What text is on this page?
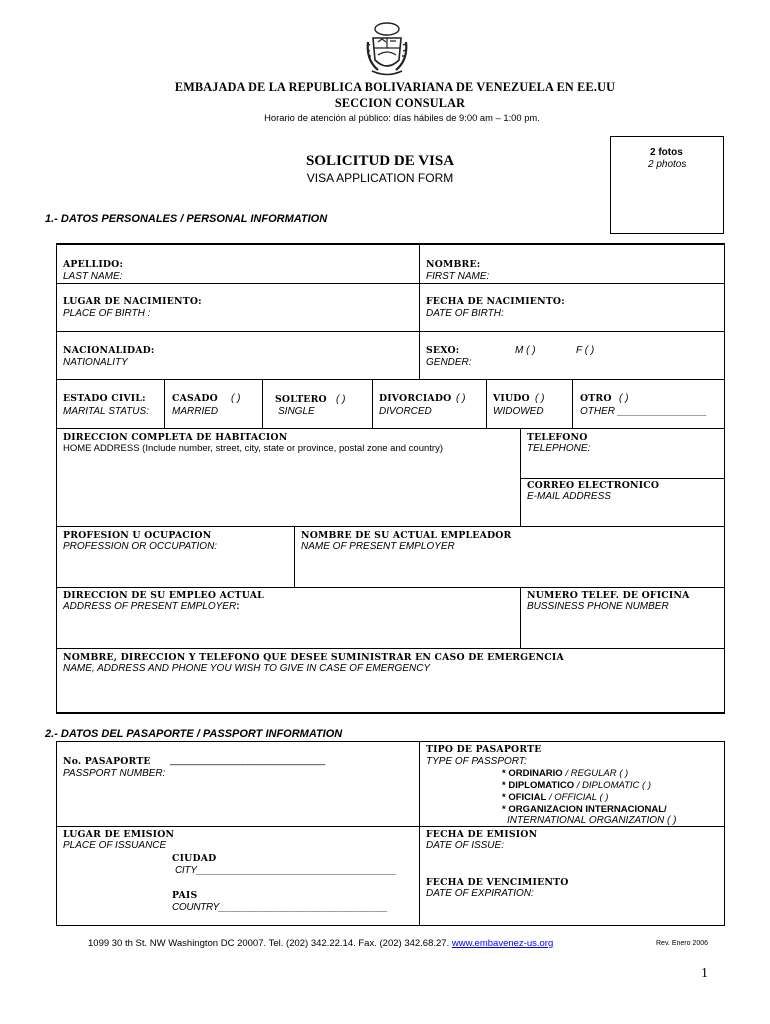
EMBAJADA DE LA REPUBLICA BOLIVARIANA DE VENEZUELA EN EE.UU
SECCION CONSULAR
Horario de atención al público: días hábiles de 9:00 am – 1:00 pm.
2 fotos
2 photos
SOLICITUD DE VISA
VISA APPLICATION FORM
1.- DATOS PERSONALES / PERSONAL INFORMATION
APELLIDO:
LAST NAME:
NOMBRE:
FIRST NAME:
LUGAR DE NACIMIENTO:
PLACE OF BIRTH :
FECHA DE NACIMIENTO:
DATE OF BIRTH:
NACIONALIDAD:
NATIONALITY
SEXO:
GENDER:
M ( )	F ( )
ESTADO CIVIL:
MARITAL STATUS:
CASADO ( )
MARRIED
SOLTERO ( )
SINGLE
DIVORCIADO ( )
DIVORCED
VIUDO ( )
WIDOWED
OTRO ( )
OTHER ________________
DIRECCION COMPLETA DE HABITACION
HOME ADDRESS (Include number, street, city, state or province, postal zone and country)
TELEFONO
TELEPHONE:
CORREO ELECTRONICO
E-MAIL ADDRESS
PROFESION U OCUPACION
PROFESSION OR OCCUPATION:
NOMBRE DE SU ACTUAL EMPLEADOR
NAME OF PRESENT EMPLOYER
DIRECCION DE SU EMPLEO ACTUAL
ADDRESS OF PRESENT EMPLOYER:
NUMERO TELEF. DE OFICINA
BUSSINESS PHONE NUMBER
NOMBRE, DIRECCION Y TELEFONO QUE DESEE SUMINISTRAR EN CASO DE EMERGENCIA
NAME, ADDRESS AND PHONE YOU WISH TO GIVE IN CASE OF EMERGENCY
2.- DATOS DEL PASAPORTE / PASSPORT INFORMATION
No. PASAPORTE ______________________________
PASSPORT NUMBER:
TIPO DE PASAPORTE
TYPE OF PASSPORT:
* ORDINARIO / REGULAR ( )
* DIPLOMATICO / DIPLOMATIC ( )
* OFICIAL / OFFICIAL ( )
* ORGANIZACION INTERNACIONAL/
INTERNATIONAL ORGANIZATION ( )
LUGAR DE EMISION
PLACE OF ISSUANCE
CIUDAD
CITY______________________________________
PAIS
COUNTRY________________________________
FECHA DE EMISION
DATE OF ISSUE:
FECHA DE VENCIMIENTO
DATE OF EXPIRATION:
1099 30 th St. NW Washington DC 20007. Tel. (202) 342.22.14. Fax. (202) 342.68.27. www.embavenez-us.org	Rev. Enero 2006
1
